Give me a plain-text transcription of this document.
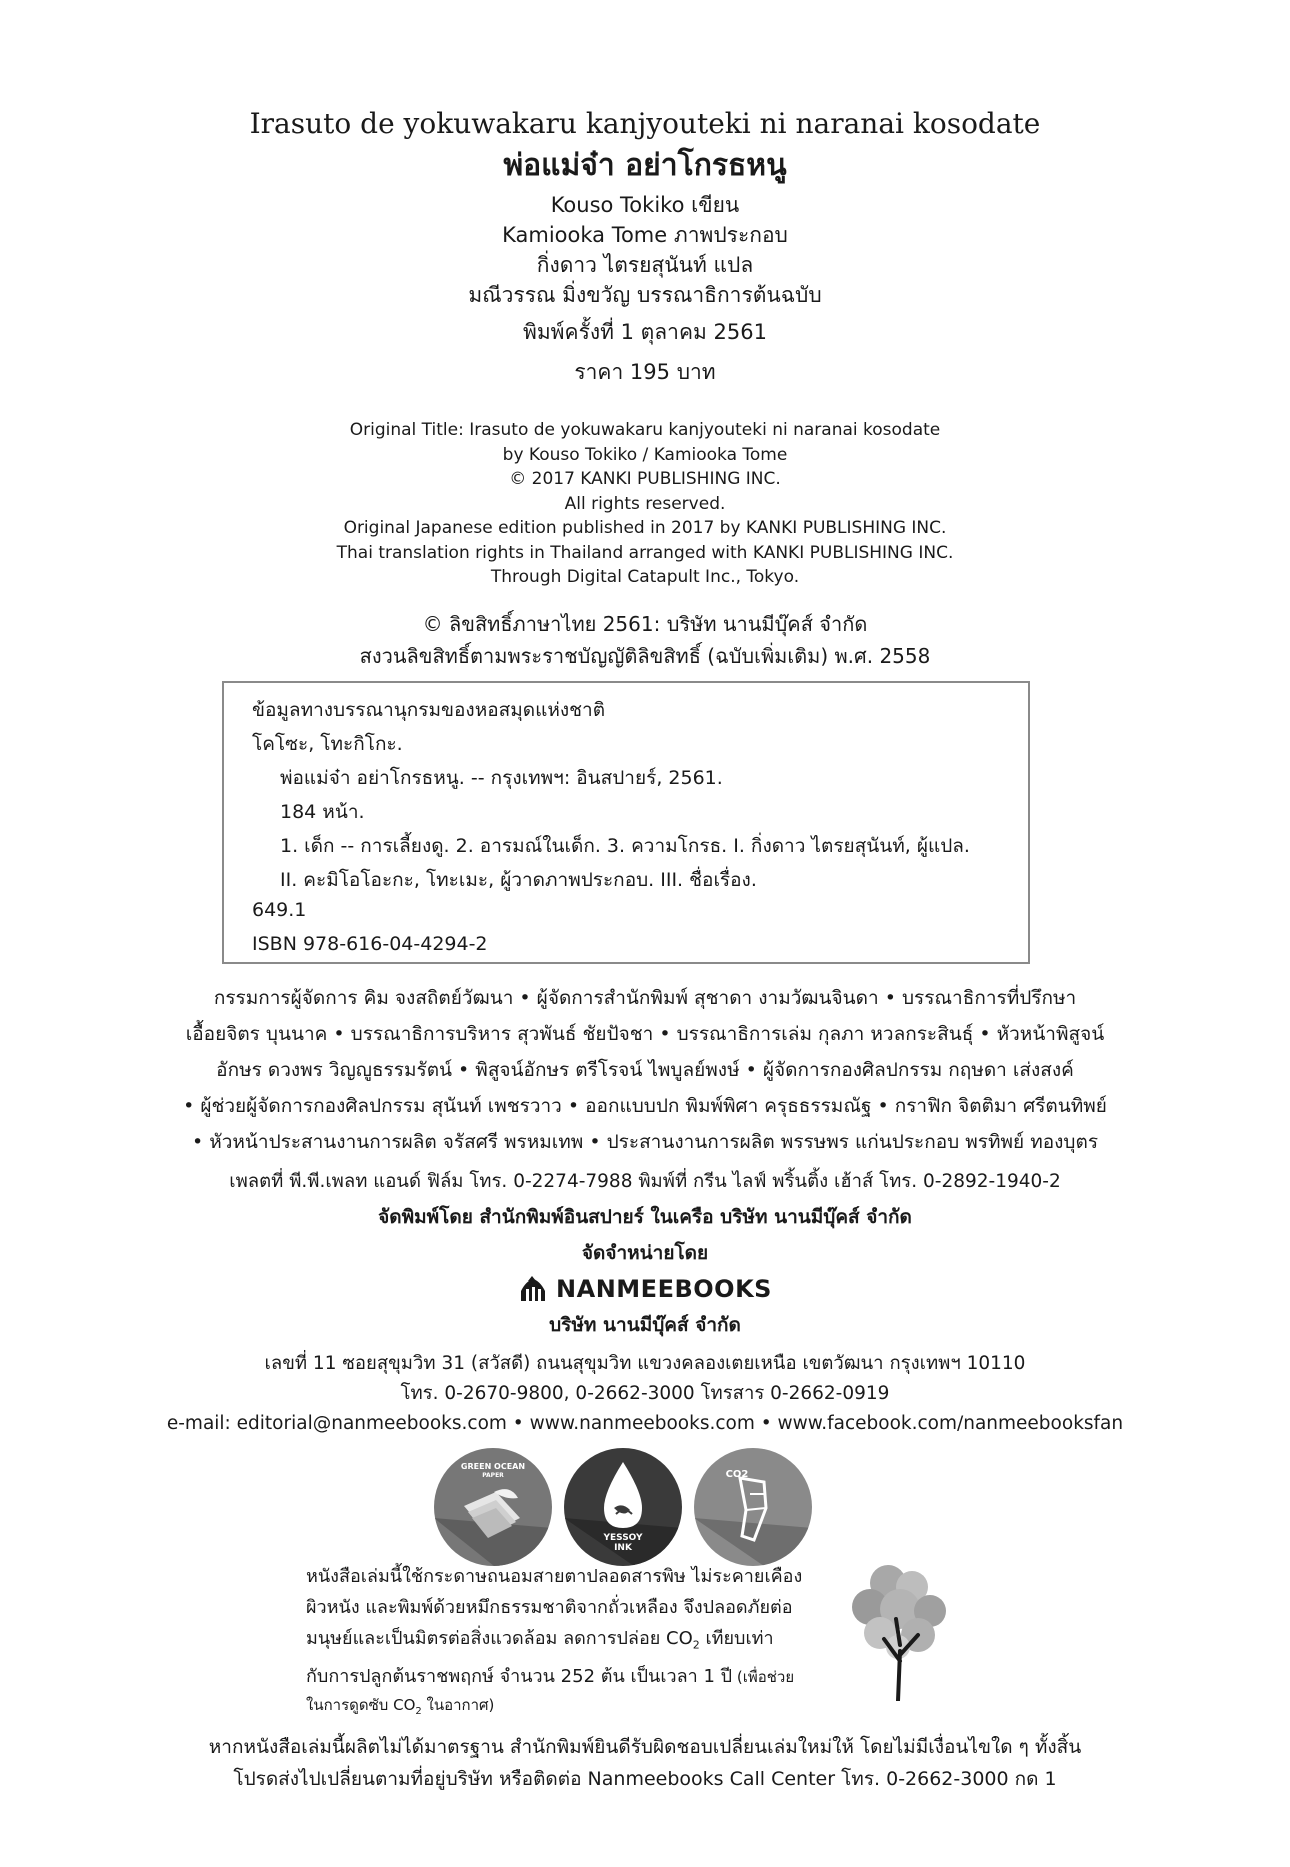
Irasuto de yokuwakaru kanjyouteki ni naranai kosodate
พ่อแม่จ๋า อย่าโกรธหนู
Kouso Tokiko เขียน
Kamiooka Tome ภาพประกอบ
กิ่งดาว ไตรยสุนันท์ แปล
มณีวรรณ มิ่งขวัญ บรรณาธิการต้นฉบับ
พิมพ์ครั้งที่ 1 ตุลาคม 2561
ราคา 195 บาท
Original Title: Irasuto de yokuwakaru kanjyouteki ni naranai kosodate
by Kouso Tokiko / Kamiooka Tome
© 2017 KANKI PUBLISHING INC.
All rights reserved.
Original Japanese edition published in 2017 by KANKI PUBLISHING INC.
Thai translation rights in Thailand arranged with KANKI PUBLISHING INC.
Through Digital Catapult Inc., Tokyo.
© ลิขสิทธิ์ภาษาไทย 2561: บริษัท นานมีบุ๊คส์ จำกัด
สงวนลิขสิทธิ์ตามพระราชบัญญัติลิขสิทธิ์ (ฉบับเพิ่มเติม) พ.ศ. 2558
ข้อมูลทางบรรณานุกรมของหอสมุดแห่งชาติ
โคโซะ, โทะกิโกะ.
พ่อแม่จ๋า อย่าโกรธหนู. -- กรุงเทพฯ: อินสปายร์, 2561.
184 หน้า.
1. เด็ก -- การเลี้ยงดู. 2. อารมณ์ในเด็ก. 3. ความโกรธ. I. กิ่งดาว ไตรยสุนันท์, ผู้แปล.
II. คะมิโอโอะกะ, โทะเมะ, ผู้วาดภาพประกอบ. III. ชื่อเรื่อง.
649.1
ISBN 978-616-04-4294-2
กรรมการผู้จัดการ คิม จงสถิตย์วัฒนา • ผู้จัดการสำนักพิมพ์ สุชาดา งามวัฒนจินดา • บรรณาธิการที่ปรึกษา
เอื้อยจิตร บุนนาค • บรรณาธิการบริหาร สุวพันธ์ ชัยปัจชา • บรรณาธิการเล่ม กุลภา หวลกระสินธุ์ • หัวหน้าพิสูจน์
อักษร ดวงพร วิญญูธรรมรัตน์ • พิสูจน์อักษร ตรีโรจน์ ไพบูลย์พงษ์ • ผู้จัดการกองศิลปกรรม กฤษดา เส่งสงค์
• ผู้ช่วยผู้จัดการกองศิลปกรรม สุนันท์ เพชรวาว • ออกแบบปก พิมพ์พิศา ครุธธรรมณัฐ • กราฟิก จิตติมา ศรีตนทิพย์
• หัวหน้าประสานงานการผลิต จรัสศรี พรหมเทพ • ประสานงานการผลิต พรรษพร แก่นประกอบ พรทิพย์ ทองบุตร
เพลตที่ พี.พี.เพลท แอนด์ ฟิล์ม โทร. 0-2274-7988 พิมพ์ที่ กรีน ไลฟ์ พริ้นติ้ง เฮ้าส์ โทร. 0-2892-1940-2
จัดพิมพ์โดย สำนักพิมพ์อินสปายร์ ในเครือ บริษัท นานมีบุ๊คส์ จำกัด
จัดจำหน่ายโดย
NANMEEBOOKS
บริษัท นานมีบุ๊คส์ จำกัด
เลขที่ 11 ซอยสุขุมวิท 31 (สวัสดี) ถนนสุขุมวิท แขวงคลองเตยเหนือ เขตวัฒนา กรุงเทพฯ 10110
โทร. 0-2670-9800, 0-2662-3000 โทรสาร 0-2662-0919
e-mail: editorial@nanmeebooks.com • www.nanmeebooks.com • www.facebook.com/nanmeebooksfan
GREEN OCEAN
PAPER
YESSOY
INK
CO2
หนังสือเล่มนี้ใช้กระดาษถนอมสายตาปลอดสารพิษ ไม่ระคายเคือง
ผิวหนัง และพิมพ์ด้วยหมึกธรรมชาติจากถั่วเหลือง จึงปลอดภัยต่อ
มนุษย์และเป็นมิตรต่อสิ่งแวดล้อม ลดการปล่อย $CO_2$ เทียบเท่า
กับการปลูกต้นราชพฤกษ์ จำนวน 252 ต้น เป็นเวลา 1 ปี (เพื่อช่วย
ในการดูดซับ $CO_2$ ในอากาศ)
หากหนังสือเล่มนี้ผลิตไม่ได้มาตรฐาน สำนักพิมพ์ยินดีรับผิดชอบเปลี่ยนเล่มใหม่ให้ โดยไม่มีเงื่อนไขใด ๆ ทั้งสิ้น
โปรดส่งไปเปลี่ยนตามที่อยู่บริษัท หรือติดต่อ Nanmeebooks Call Center โทร. 0-2662-3000 กด 1
